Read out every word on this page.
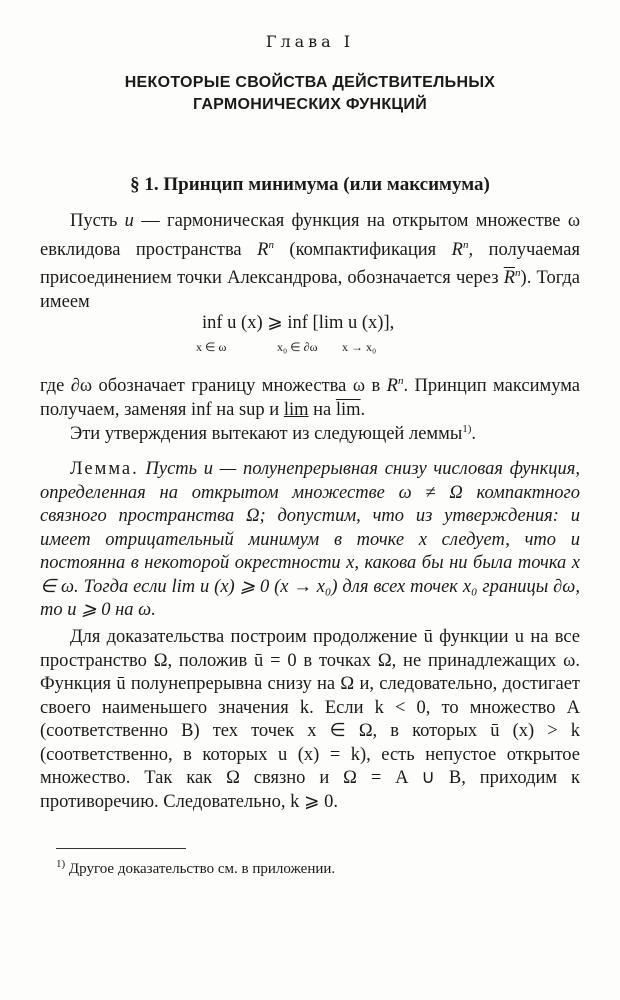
Глава I
НЕКОТОРЫЕ СВОЙСТВА ДЕЙСТВИТЕЛЬНЫХ
ГАРМОНИЧЕСКИХ ФУНКЦИЙ
§ 1. Принцип минимума (или максимума)
Пусть u — гармоническая функция на открытом множестве ω евклидова пространства $R^n$ (компактификация $R^n$, получаемая присоединением точки Александрова, обозначается через $\overline{R}^n$). Тогда имеем
inf u (x) ⩾ inf [lim u (x)],
x ∈ ω	x₀ ∈ ∂ω x → x₀
где ∂ω обозначает границу множества ω в $R^n$. Принцип максимума получаем, заменяя inf на sup и lim на $\overline{lim}$.
Эти утверждения вытекают из следующей леммы$^{1)}$.
Лемма. Пусть u — полунепрерывная снизу числовая функция, определенная на открытом множестве ω ≠ Ω компактного связного пространства Ω; допустим, что из утверждения: u имеет отрицательный минимум в точке x следует, что u постоянна в некоторой окрестности x, какова бы ни была точка x ∈ ω. Тогда если lim u (x) ⩾ 0 (x → x₀) для всех точек x₀ границы ∂ω, то u ⩾ 0 на ω.
Для доказательства построим продолжение ū функции u на все пространство Ω, положив ū = 0 в точках Ω, не принадлежащих ω. Функция ū полунепрерывна снизу на Ω и, следовательно, достигает своего наименьшего значения k. Если k < 0, то множество A (соответственно B) тех точек x ∈ Ω, в которых ū (x) > k (соответственно, в которых u (x) = k), есть непустое открытое множество. Так как Ω связно и Ω = A ∪ B, приходим к противоречию. Следовательно, k ⩾ 0.
$^{1)}$ Другое доказательство см. в приложении.
